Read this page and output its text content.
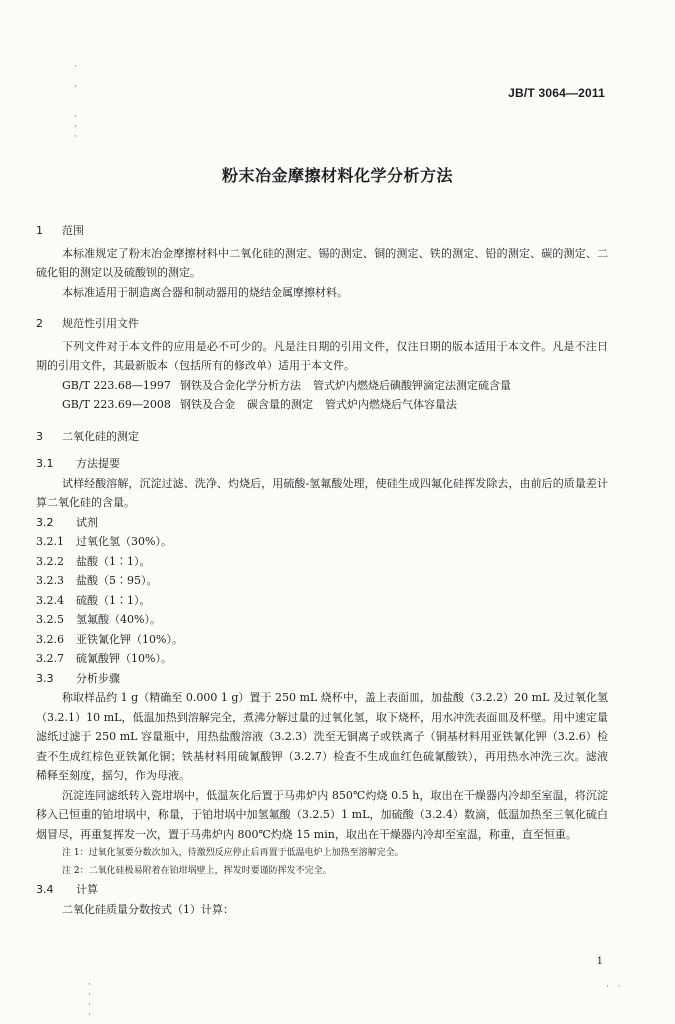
·

·

·
·
·
·
·
·
·
·   ·
JB/T 3064—2011
粉末冶金摩擦材料化学分析方法
1 范围

本标准规定了粉末冶金摩擦材料中二氧化硅的测定、锡的测定、铜的测定、铁的测定、铅的测定、碳的测定、二硫化钼的测定以及硫酸钡的测定。

本标准适用于制造离合器和制动器用的烧结金属摩擦材料。

2 规范性引用文件

下列文件对于本文件的应用是必不可少的。凡是注日期的引用文件，仅注日期的版本适用于本文件。凡是不注日期的引用文件，其最新版本（包括所有的修改单）适用于本文件。

GB/T 223.68—1997 钢铁及合金化学分析方法 管式炉内燃烧后碘酸钾滴定法测定硫含量

GB/T 223.69—2008 钢铁及合金 碳含量的测定 管式炉内燃烧后气体容量法

3 二氧化硅的测定
3.1 方法提要

试样经酸溶解，沉淀过滤、洗净、灼烧后，用硫酸-氢氟酸处理，使硅生成四氟化硅挥发除去，由前后的质量差计算二氧化硅的含量。

3.2 试剂

3.2.1 过氧化氢（30%）。

3.2.2 盐酸（1∶1）。

3.2.3 盐酸（5∶95）。

3.2.4 硫酸（1∶1）。

3.2.5 氢氟酸（40%）。

3.2.6 亚铁氰化钾（10%）。

3.2.7 硫氰酸钾（10%）。

3.3 分析步骤

称取样品约 1 g（精确至 0.000 1 g）置于 250 mL 烧杯中，盖上表面皿，加盐酸（3.2.2）20 mL 及过氧化氢（3.2.1）10 mL，低温加热到溶解完全，煮沸分解过量的过氧化氢，取下烧杯，用水冲洗表面皿及杯壁。用中速定量滤纸过滤于 250 mL 容量瓶中，用热盐酸溶液（3.2.3）洗至无铜离子或铁离子（铜基材料用亚铁氰化钾（3.2.6）检查不生成红棕色亚铁氰化铜；铁基材料用硫氰酸钾（3.2.7）检查不生成血红色硫氰酸铁），再用热水冲洗三次。滤液稀释至刻度，摇匀，作为母液。

沉淀连同滤纸转入瓷坩埚中，低温灰化后置于马弗炉内 850℃灼烧 0.5 h，取出在干燥器内冷却至室温，将沉淀移入已恒重的铂坩埚中，称量，于铂坩埚中加氢氟酸（3.2.5）1 mL，加硫酸（3.2.4）数滴，低温加热至三氧化硫白烟冒尽，再重复挥发一次，置于马弗炉内 800℃灼烧 15 min，取出在干燥器内冷却至室温，称重，直至恒重。

注 1：过氧化氢要分数次加入，待激烈反应停止后再置于低温电炉上加热至溶解完全。

注 2：二氧化硅极易附着在铂坩埚壁上，挥发时要谨防挥发不完全。

3.4 计算

二氧化硅质量分数按式（1）计算：

1
